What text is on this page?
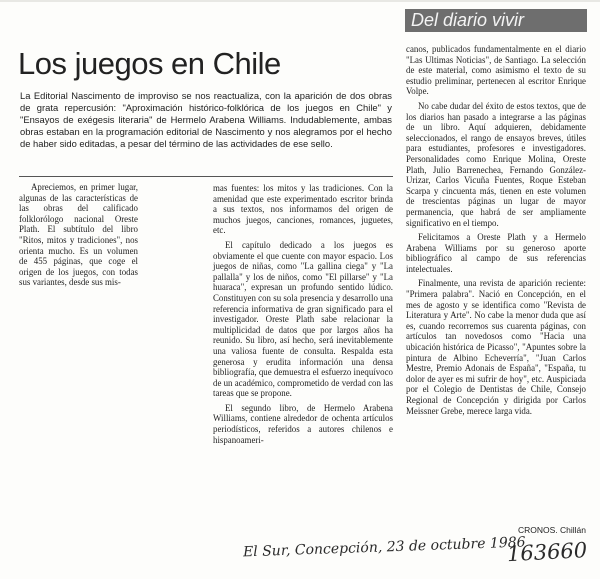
Del diario vivir
Los juegos en Chile

La Editorial Nascimento de improviso se nos reactualiza, con la aparición de dos obras de grata repercusión: "Aproximación histórico-folklórica de los juegos en Chile" y "Ensayos de exégesis literaria" de Hermelo Arabena Williams. Indudablemente, ambas obras estaban en la programación editorial de Nascimento y nos alegramos por el hecho de haber sido editadas, a pesar del término de las actividades de ese sello.

Apreciemos, en primer lugar, algunas de las características de las obras del calificado folklorólogo nacional Oreste Plath. El subtítulo del libro "Ritos, mitos y tradiciones", nos orienta mucho. Es un volumen de 455 páginas, que coge el origen de los juegos, con todas sus variantes, desde sus mis-

mas fuentes: los mitos y las tradiciones. Con la amenidad que este experimentado escritor brinda a sus textos, nos informamos del origen de muchos juegos, canciones, romances, juguetes, etc.

El capítulo dedicado a los juegos es obviamente el que cuente con mayor espacio. Los juegos de niñas, como "La gallina ciega" y "La pallalla" y los de niños, como "El pillarse" y "La huaraca", expresan un profundo sentido lúdico. Constituyen con su sola presencia y desarrollo una referencia informativa de gran significado para el investigador. Oreste Plath sabe relacionar la multiplicidad de datos que por largos años ha reunido. Su libro, así hecho, será inevitablemente una valiosa fuente de consulta. Respalda esta generosa y erudita información una densa bibliografía, que demuestra el esfuerzo inequívoco de un académico, comprometido de verdad con las tareas que se propone.

El segundo libro, de Hermelo Arabena Williams, contiene alrededor de ochenta artículos periodísticos, referidos a autores chilenos e hispanoameri-

canos, publicados fundamentalmente en el diario "Las Ultimas Noticias", de Santiago. La selección de este material, como asimismo el texto de su estudio preliminar, pertenecen al escritor Enrique Volpe.

No cabe dudar del éxito de estos textos, que de los diarios han pasado a integrarse a las páginas de un libro. Aquí adquieren, debidamente seleccionados, el rango de ensayos breves, útiles para estudiantes, profesores e investigadores. Personalidades como Enrique Molina, Oreste Plath, Julio Barrenechea, Fernando González-Urizar, Carlos Vicuña Fuentes, Roque Esteban Scarpa y cincuenta más, tienen en este volumen de trescientas páginas un lugar de mayor permanencia, que habrá de ser ampliamente significativo en el tiempo.

Felicitamos a Oreste Plath y a Hermelo Arabena Williams por su generoso aporte bibliográfico al campo de sus referencias intelectuales.

Finalmente, una revista de aparición reciente: "Primera palabra". Nació en Concepción, en el mes de agosto y se identifica como "Revista de Literatura y Arte". No cabe la menor duda que así es, cuando recorremos sus cuarenta páginas, con artículos tan novedosos como "Hacia una ubicación histórica de Picasso", "Apuntes sobre la pintura de Albino Echeverría", "Juan Carlos Mestre, Premio Adonais de España", "España, tu dolor de ayer es mi sufrir de hoy", etc. Auspiciada por el Colegio de Dentistas de Chile, Consejo Regional de Concepción y dirigida por Carlos Meissner Grebe, merece larga vida.

CRONOS. Chillán
El Sur, Concepción, 23 de octubre 1986
163660
